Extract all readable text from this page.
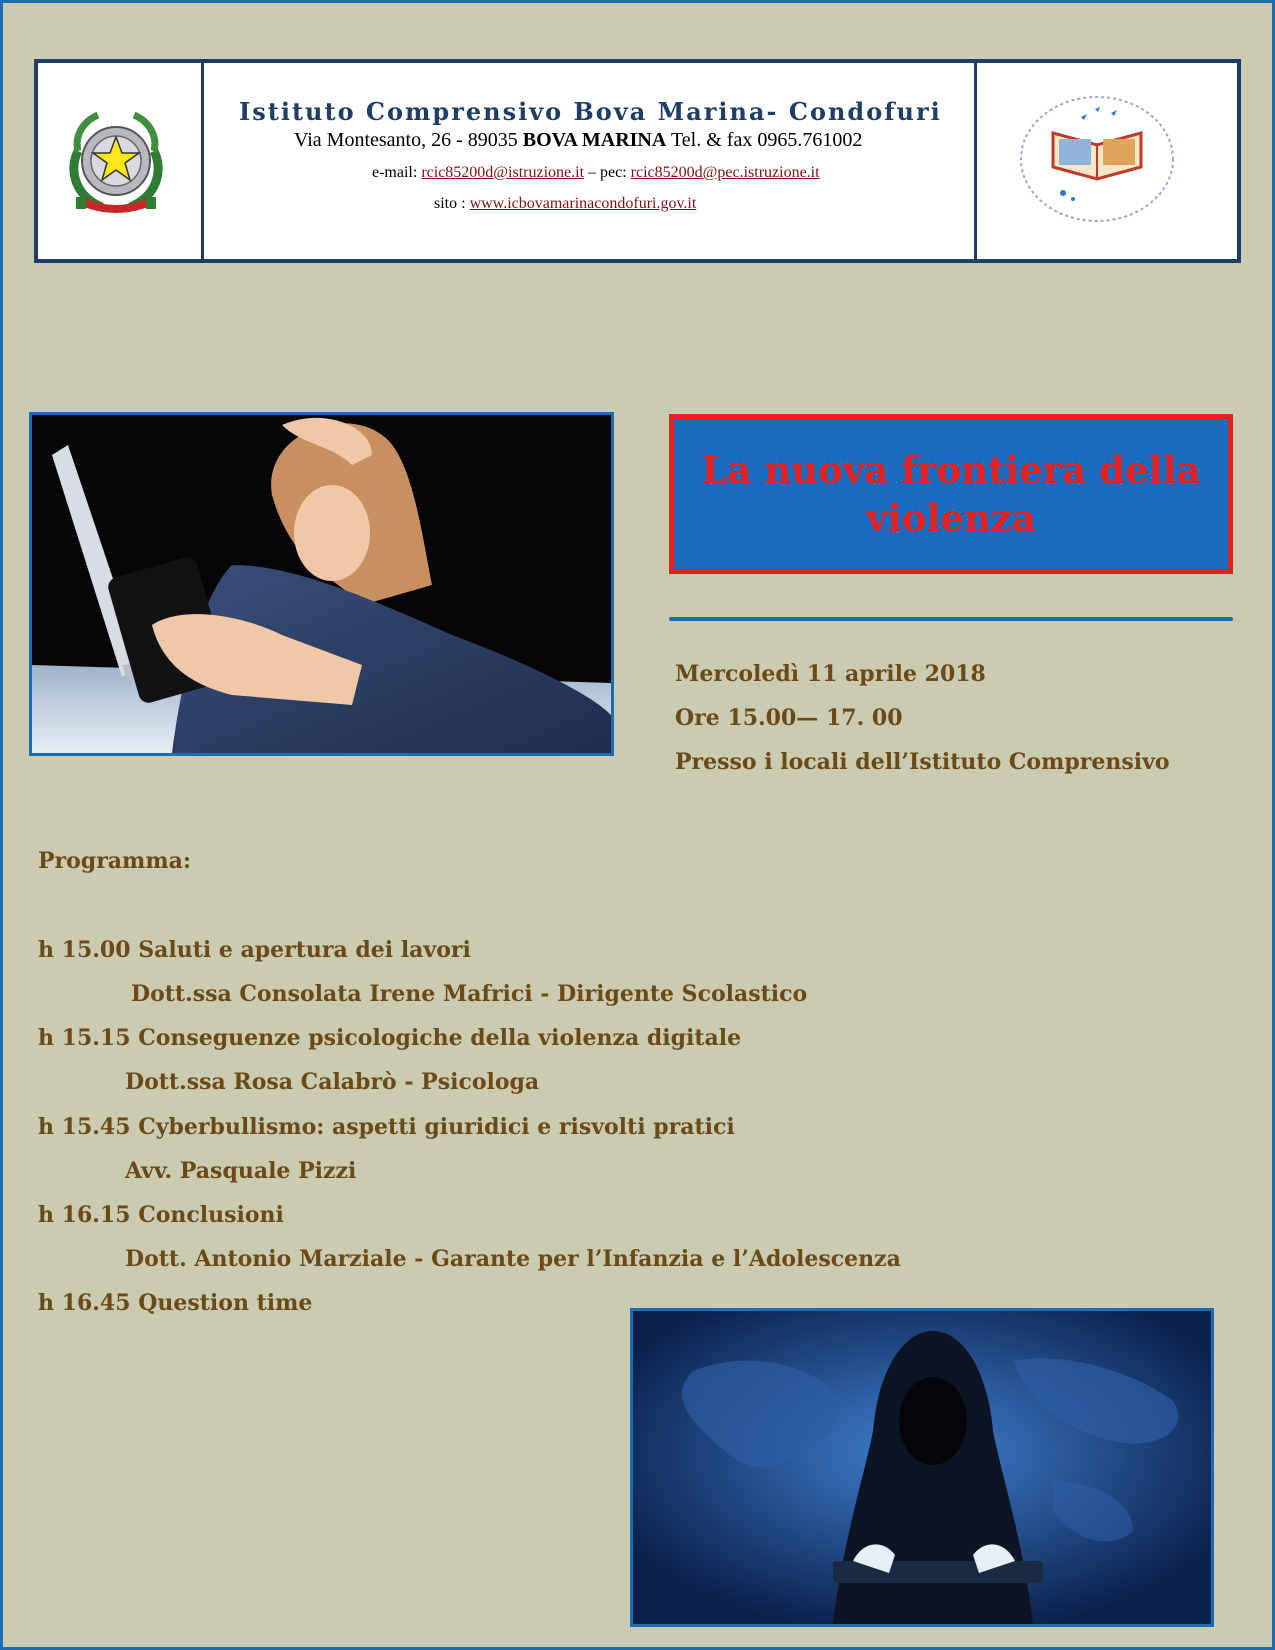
Istituto Comprensivo Bova Marina- Condofuri
Via Montesanto, 26 - 89035 BOVA MARINA Tel. & fax 0965.761002
e-mail: rcic85200d@istruzione.it – pec: rcic85200d@pec.istruzione.it
sito : www.icbovamarinacondofuri.gov.it
La nuova frontiera della violenza
Mercoledì 11 aprile 2018
Ore 15.00— 17. 00
Presso i locali dell’Istituto Comprensivo
Programma:
h 15.00 Saluti e apertura dei lavori
Dott.ssa Consolata Irene Mafrici - Dirigente Scolastico
h 15.15 Conseguenze psicologiche della violenza digitale
Dott.ssa Rosa Calabrò - Psicologa
h 15.45 Cyberbullismo: aspetti giuridici e risvolti pratici
Avv. Pasquale Pizzi
h 16.15 Conclusioni
Dott. Antonio Marziale - Garante per l’Infanzia e l’Adolescenza
h 16.45 Question time
